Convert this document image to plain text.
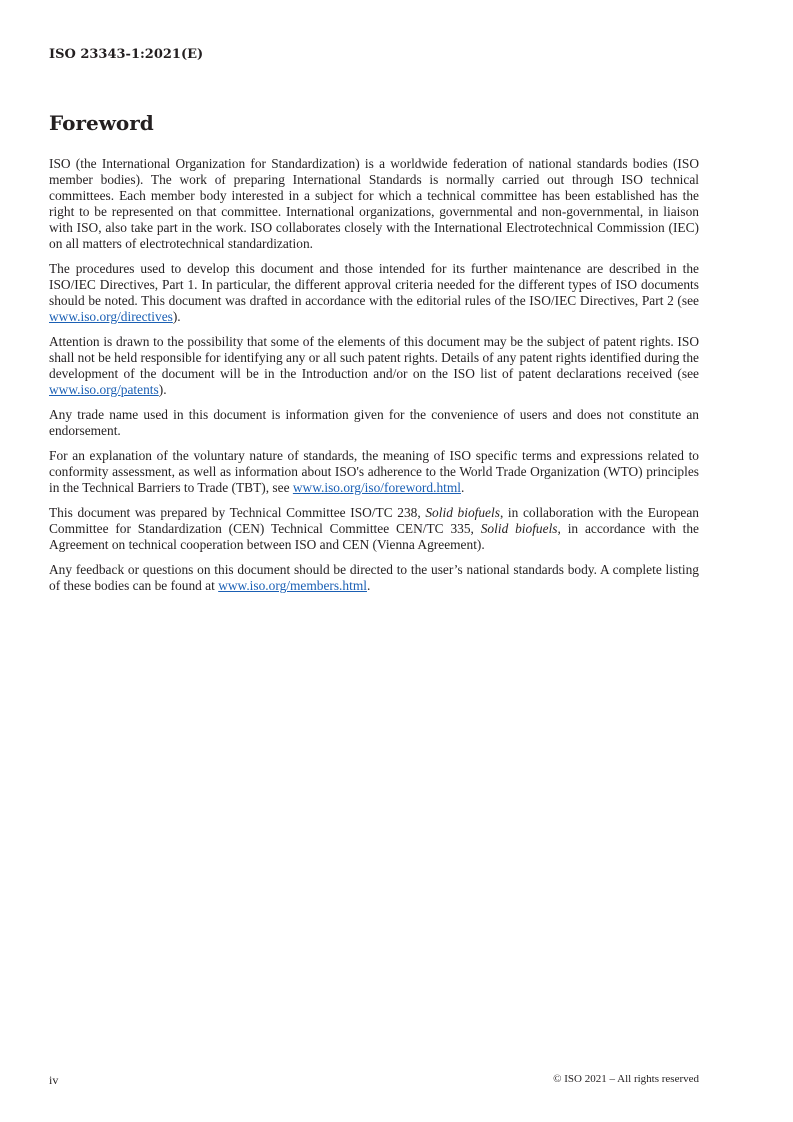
ISO 23343-1:2021(E)
Foreword

ISO (the International Organization for Standardization) is a worldwide federation of national standards bodies (ISO member bodies). The work of preparing International Standards is normally carried out through ISO technical committees. Each member body interested in a subject for which a technical committee has been established has the right to be represented on that committee. International organizations, governmental and non-governmental, in liaison with ISO, also take part in the work. ISO collaborates closely with the International Electrotechnical Commission (IEC) on all matters of electrotechnical standardization.

The procedures used to develop this document and those intended for its further maintenance are described in the ISO/IEC Directives, Part 1. In particular, the different approval criteria needed for the different types of ISO documents should be noted. This document was drafted in accordance with the editorial rules of the ISO/IEC Directives, Part 2 (see www.iso.org/directives).

Attention is drawn to the possibility that some of the elements of this document may be the subject of patent rights. ISO shall not be held responsible for identifying any or all such patent rights. Details of any patent rights identified during the development of the document will be in the Introduction and/or on the ISO list of patent declarations received (see www.iso.org/patents).

Any trade name used in this document is information given for the convenience of users and does not constitute an endorsement.

For an explanation of the voluntary nature of standards, the meaning of ISO specific terms and expressions related to conformity assessment, as well as information about ISO's adherence to the World Trade Organization (WTO) principles in the Technical Barriers to Trade (TBT), see www.iso.org/iso/foreword.html.

This document was prepared by Technical Committee ISO/TC 238, Solid biofuels, in collaboration with the European Committee for Standardization (CEN) Technical Committee CEN/TC 335, Solid biofuels, in accordance with the Agreement on technical cooperation between ISO and CEN (Vienna Agreement).

Any feedback or questions on this document should be directed to the user’s national standards body. A complete listing of these bodies can be found at www.iso.org/members.html.

iv	© ISO 2021 – All rights reserved
